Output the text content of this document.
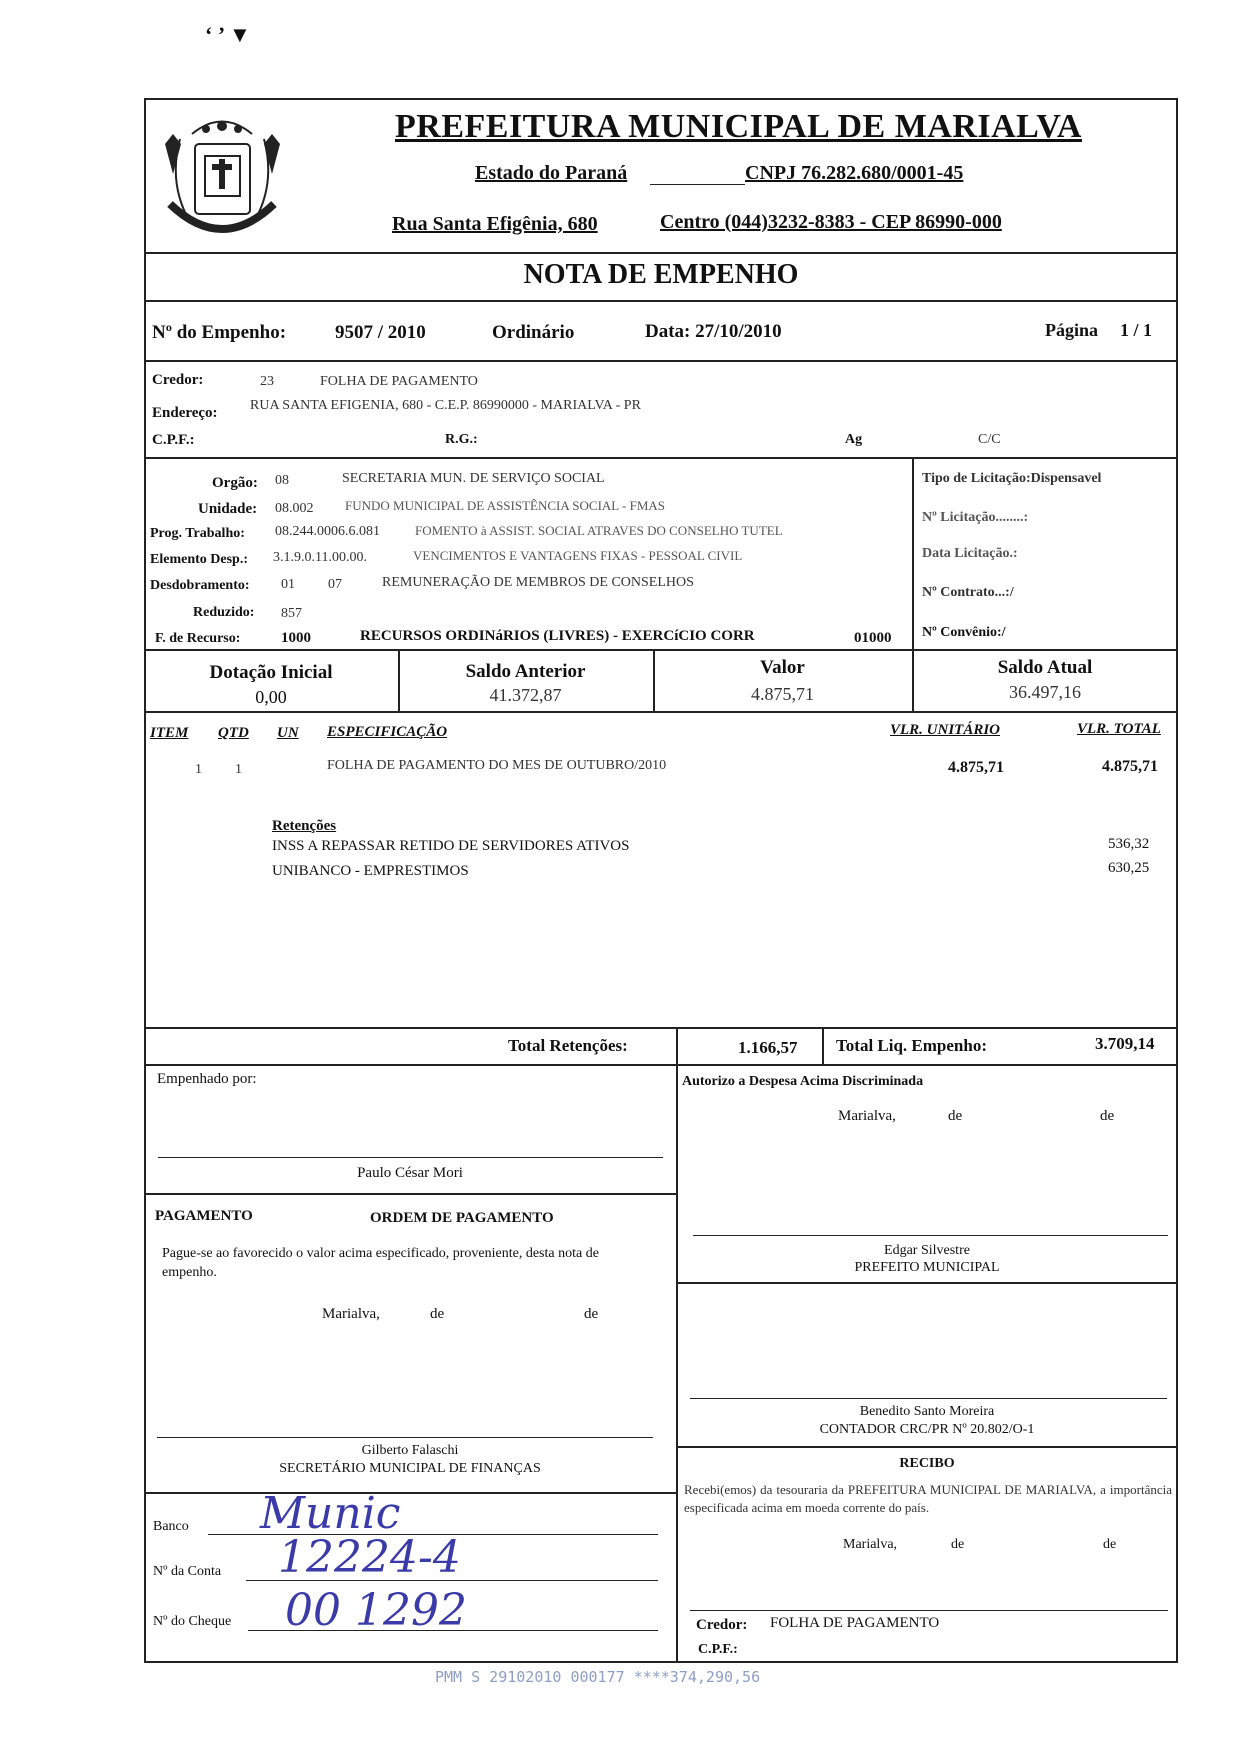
‘ ’ ▼
PREFEITURA MUNICIPAL DE MARIALVA
Estado do Paraná	CNPJ 76.282.680/0001-45
Rua Santa Efigênia, 680	Centro (044)3232-8383 - CEP 86990-000
NOTA DE EMPENHO
Nº do Empenho:	9507 / 2010	Ordinário	Data: 27/10/2010	Página 1 / 1
Credor:	23	FOLHA DE PAGAMENTO
Endereço: RUA SANTA EFIGENIA, 680 - C.E.P. 86990000 - MARIALVA - PR
C.P.F.:	R.G.:	Ag	C/C
Orgão: 08	SECRETARIA MUN. DE SERVIÇO SOCIAL
Unidade: 08.002 FUNDO MUNICIPAL DE ASSISTÊNCIA SOCIAL - FMAS
Prog. Trabalho: 08.244.0006.6.081	FOMENTO à ASSIST. SOCIAL ATRAVES DO CONSELHO TUTEL
Elemento Desp.: 3.1.9.0.11.00.00.	VENCIMENTOS E VANTAGENS FIXAS - PESSOAL CIVIL
Desdobramento: 01 07	REMUNERAÇÃO DE MEMBROS DE CONSELHOS
Reduzido: 857
F. de Recurso:	1000	RECURSOS ORDINáRIOS (LIVRES) - EXERCíCIO CORR	01000
Tipo de Licitação:Dispensavel
Nº Licitação........:
Data Licitação.:
Nº Contrato...:/
Nº Convênio:/
Dotação Inicial
0,00
Saldo Anterior
41.372,87
Valor
4.875,71
Saldo Atual
36.497,16
ITEM QTD UN ESPECIFICAÇÃO	VLR. UNITÁRIO	VLR. TOTAL
1 1	FOLHA DE PAGAMENTO DO MES DE OUTUBRO/2010	4.875,71	4.875,71
Retenções
INSS A REPASSAR RETIDO DE SERVIDORES ATIVOS	536,32
UNIBANCO - EMPRESTIMOS	630,25
Total Retenções:	1.166,57 Total Liq. Empenho:	3.709,14
Empenhado por:
Paulo César Mori
Autorizo a Despesa Acima Discriminada
Marialva,	de	de
Edgar Silvestre
PREFEITO MUNICIPAL
PAGAMENTO	ORDEM DE PAGAMENTO
Pague-se ao favorecido o valor acima especificado, proveniente, desta nota de empenho.
Marialva,	de	de
Gilberto Falaschi
SECRETÁRIO MUNICIPAL DE FINANÇAS
Benedito Santo Moreira
CONTADOR CRC/PR Nº 20.802/O-1
RECIBO
Recebi(emos) da tesouraria da PREFEITURA MUNICIPAL DE MARIALVA, a importância especificada acima em moeda corrente do país.
Marialva,	de	de
Credor: FOLHA DE PAGAMENTO
C.P.F.:
Banco Munic
Nº da Conta 12224-4
Nº do Cheque 00 1292
PMM S 29102010 000177 ****374,290,56
